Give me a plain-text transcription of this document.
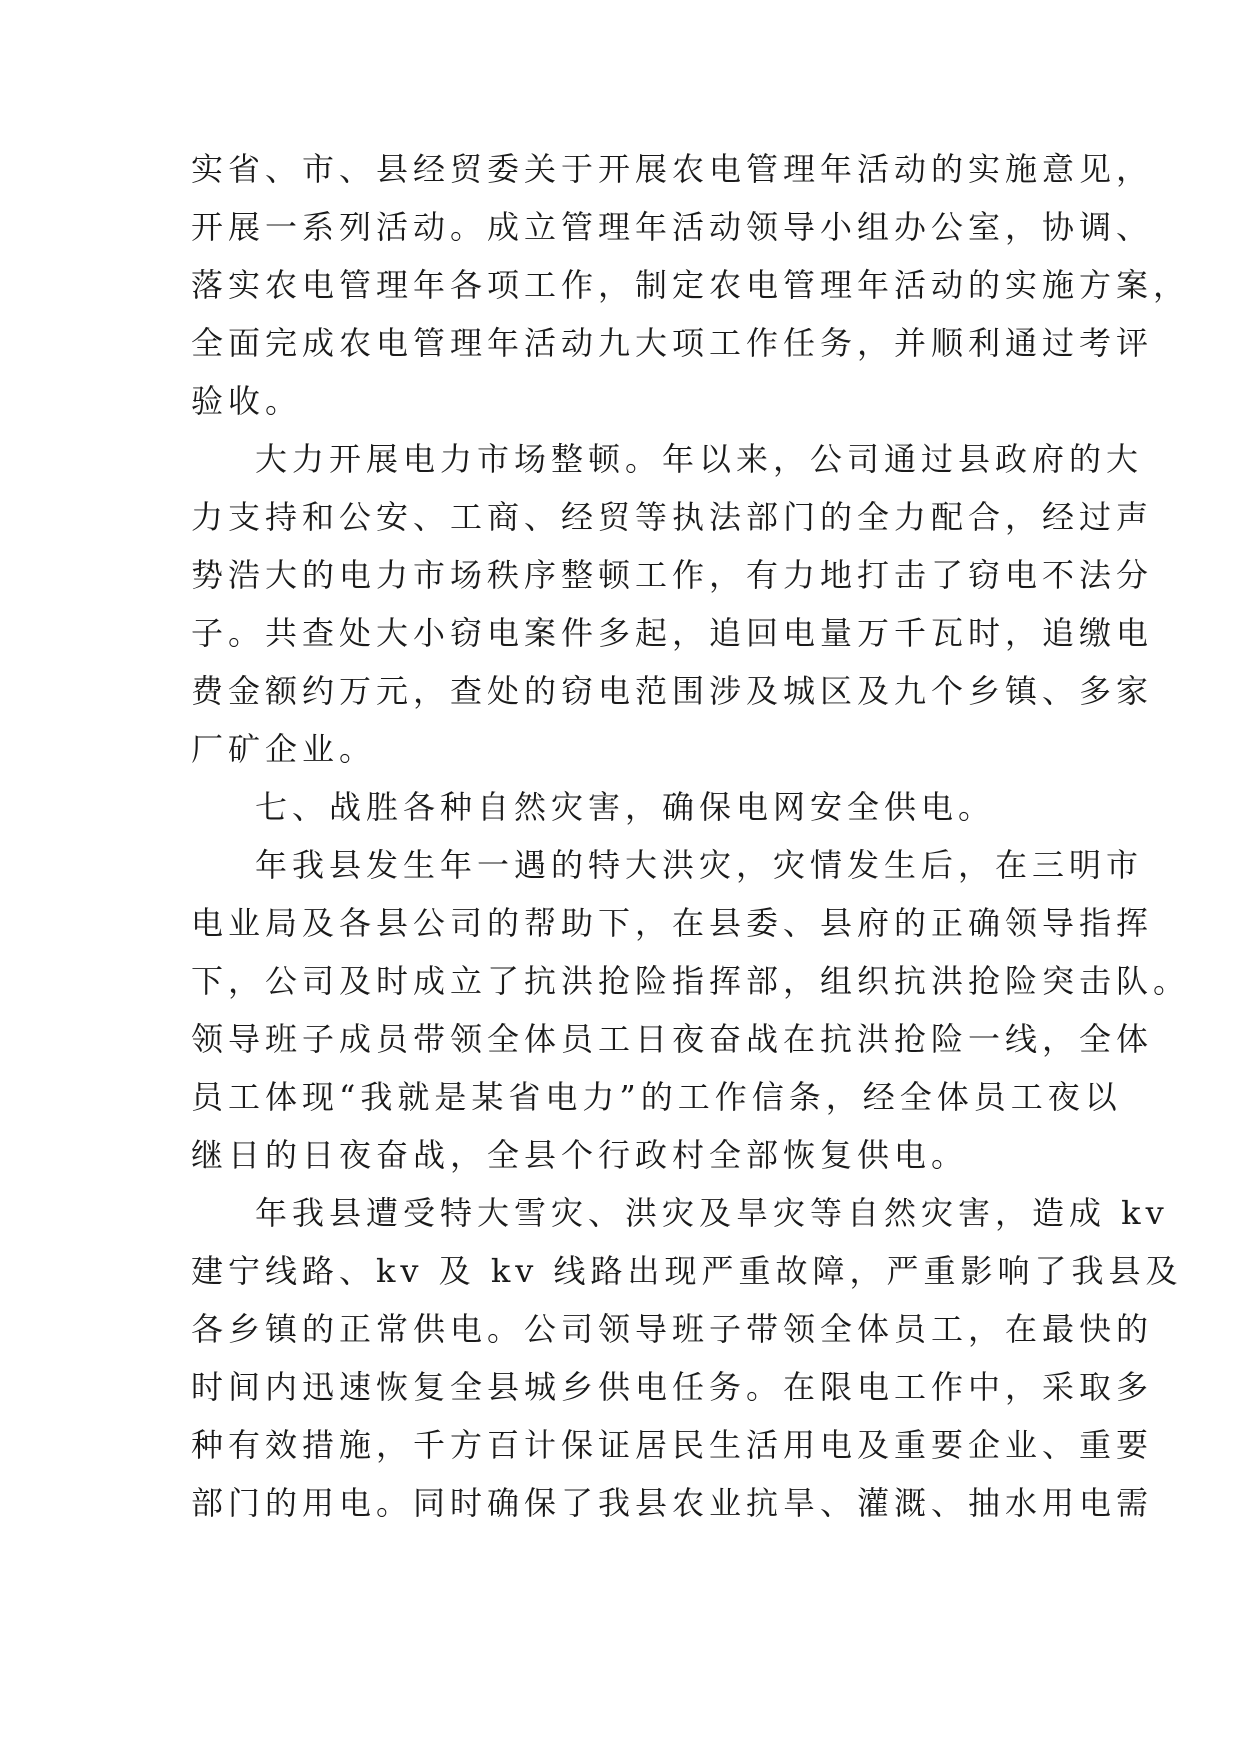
实省、市、县经贸委关于开展农电管理年活动的实施意见，
开展一系列活动。成立管理年活动领导小组办公室，协调、
落实农电管理年各项工作，制定农电管理年活动的实施方案，
全面完成农电管理年活动九大项工作任务，并顺利通过考评
验收。
大力开展电力市场整顿。年以来，公司通过县政府的大
力支持和公安、工商、经贸等执法部门的全力配合，经过声
势浩大的电力市场秩序整顿工作，有力地打击了窃电不法分
子。共查处大小窃电案件多起，追回电量万千瓦时，追缴电
费金额约万元，查处的窃电范围涉及城区及九个乡镇、多家
厂矿企业。
七、战胜各种自然灾害，确保电网安全供电。
年我县发生年一遇的特大洪灾，灾情发生后，在三明市
电业局及各县公司的帮助下，在县委、县府的正确领导指挥
下，公司及时成立了抗洪抢险指挥部，组织抗洪抢险突击队。
领导班子成员带领全体员工日夜奋战在抗洪抢险一线，全体
员工体现“我就是某省电力”的工作信条，经全体员工夜以
继日的日夜奋战，全县个行政村全部恢复供电。
年我县遭受特大雪灾、洪灾及旱灾等自然灾害，造成 kv
建宁线路、kv 及 kv 线路出现严重故障，严重影响了我县及
各乡镇的正常供电。公司领导班子带领全体员工，在最快的
时间内迅速恢复全县城乡供电任务。在限电工作中，采取多
种有效措施，千方百计保证居民生活用电及重要企业、重要
部门的用电。同时确保了我县农业抗旱、灌溉、抽水用电需
